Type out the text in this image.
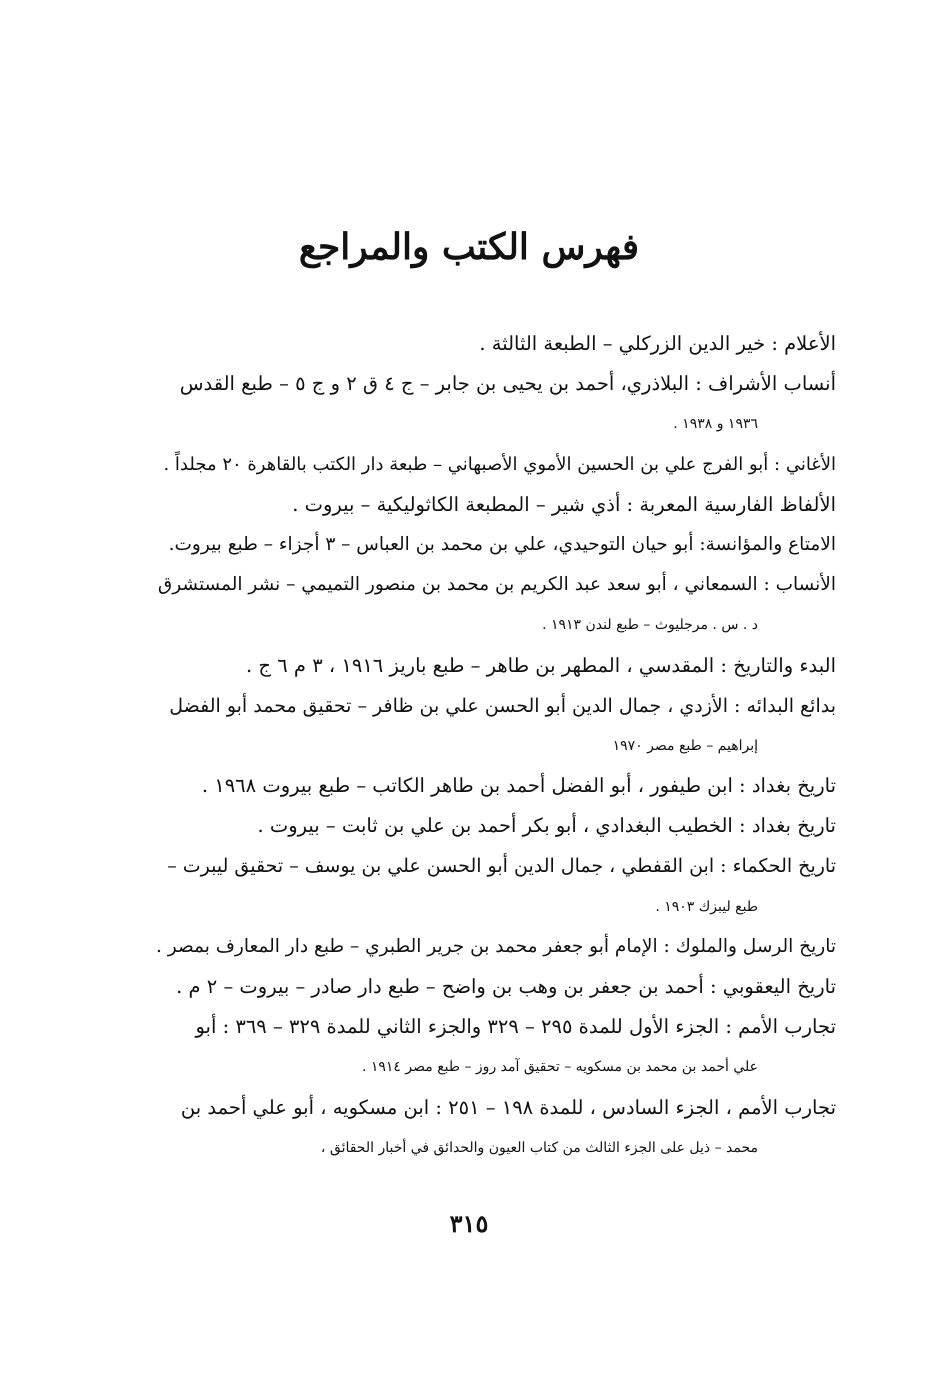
فهرس الكتب والمراجع
الأعلام : خير الدين الزركلي – الطبعة الثالثة .
أنساب الأشراف : البلاذري، أحمد بن يحيى بن جابر – ج ٤ ق ٢ و ج ٥ – طبع القدس
١٩٣٦ و ١٩٣٨ .
الأغاني : أبو الفرج علي بن الحسين الأموي الأصبهاني – طبعة دار الكتب بالقاهرة ٢٠ مجلداً .
الألفاظ الفارسية المعربة : أذي شير – المطبعة الكاثوليكية – بيروت .
الامتاع والمؤانسة: أبو حيان التوحيدي، علي بن محمد بن العباس – ٣ أجزاء – طبع بيروت.
الأنساب : السمعاني ، أبو سعد عبد الكريم بن محمد بن منصور التميمي – نشر المستشرق
د . س . مرجليوث – طبع لندن ١٩١٣ .
البدء والتاريخ : المقدسي ، المطهر بن طاهر – طبع باريز ١٩١٦ ، ٣ م ٦ ج .
بدائع البدائه : الأزدي ، جمال الدين أبو الحسن علي بن ظافر – تحقيق محمد أبو الفضل
إبراهيم – طبع مصر ١٩٧٠
تاريخ بغداد : ابن طيفور ، أبو الفضل أحمد بن طاهر الكاتب – طبع بيروت ١٩٦٨ .
تاريخ بغداد : الخطيب البغدادي ، أبو بكر أحمد بن علي بن ثابت – بيروت .
تاريخ الحكماء : ابن القفطي ، جمال الدين أبو الحسن علي بن يوسف – تحقيق ليبرت –
طبع ليبزك ١٩٠٣ .
تاريخ الرسل والملوك : الإمام أبو جعفر محمد بن جرير الطبري – طبع دار المعارف بمصر .
تاريخ اليعقوبي : أحمد بن جعفر بن وهب بن واضح – طبع دار صادر – بيروت – ٢ م .
تجارب الأمم : الجزء الأول للمدة ٢٩٥ – ٣٢٩ والجزء الثاني للمدة ٣٢٩ – ٣٦٩ : أبو
علي أحمد بن محمد بن مسكويه – تحقيق آمد روز – طبع مصر ١٩١٤ .
تجارب الأمم ، الجزء السادس ، للمدة ١٩٨ – ٢٥١ : ابن مسكويه ، أبو علي أحمد بن
محمد – ذيل على الجزء الثالث من كتاب العيون والحدائق في أخبار الحقائق ،
٣١٥
